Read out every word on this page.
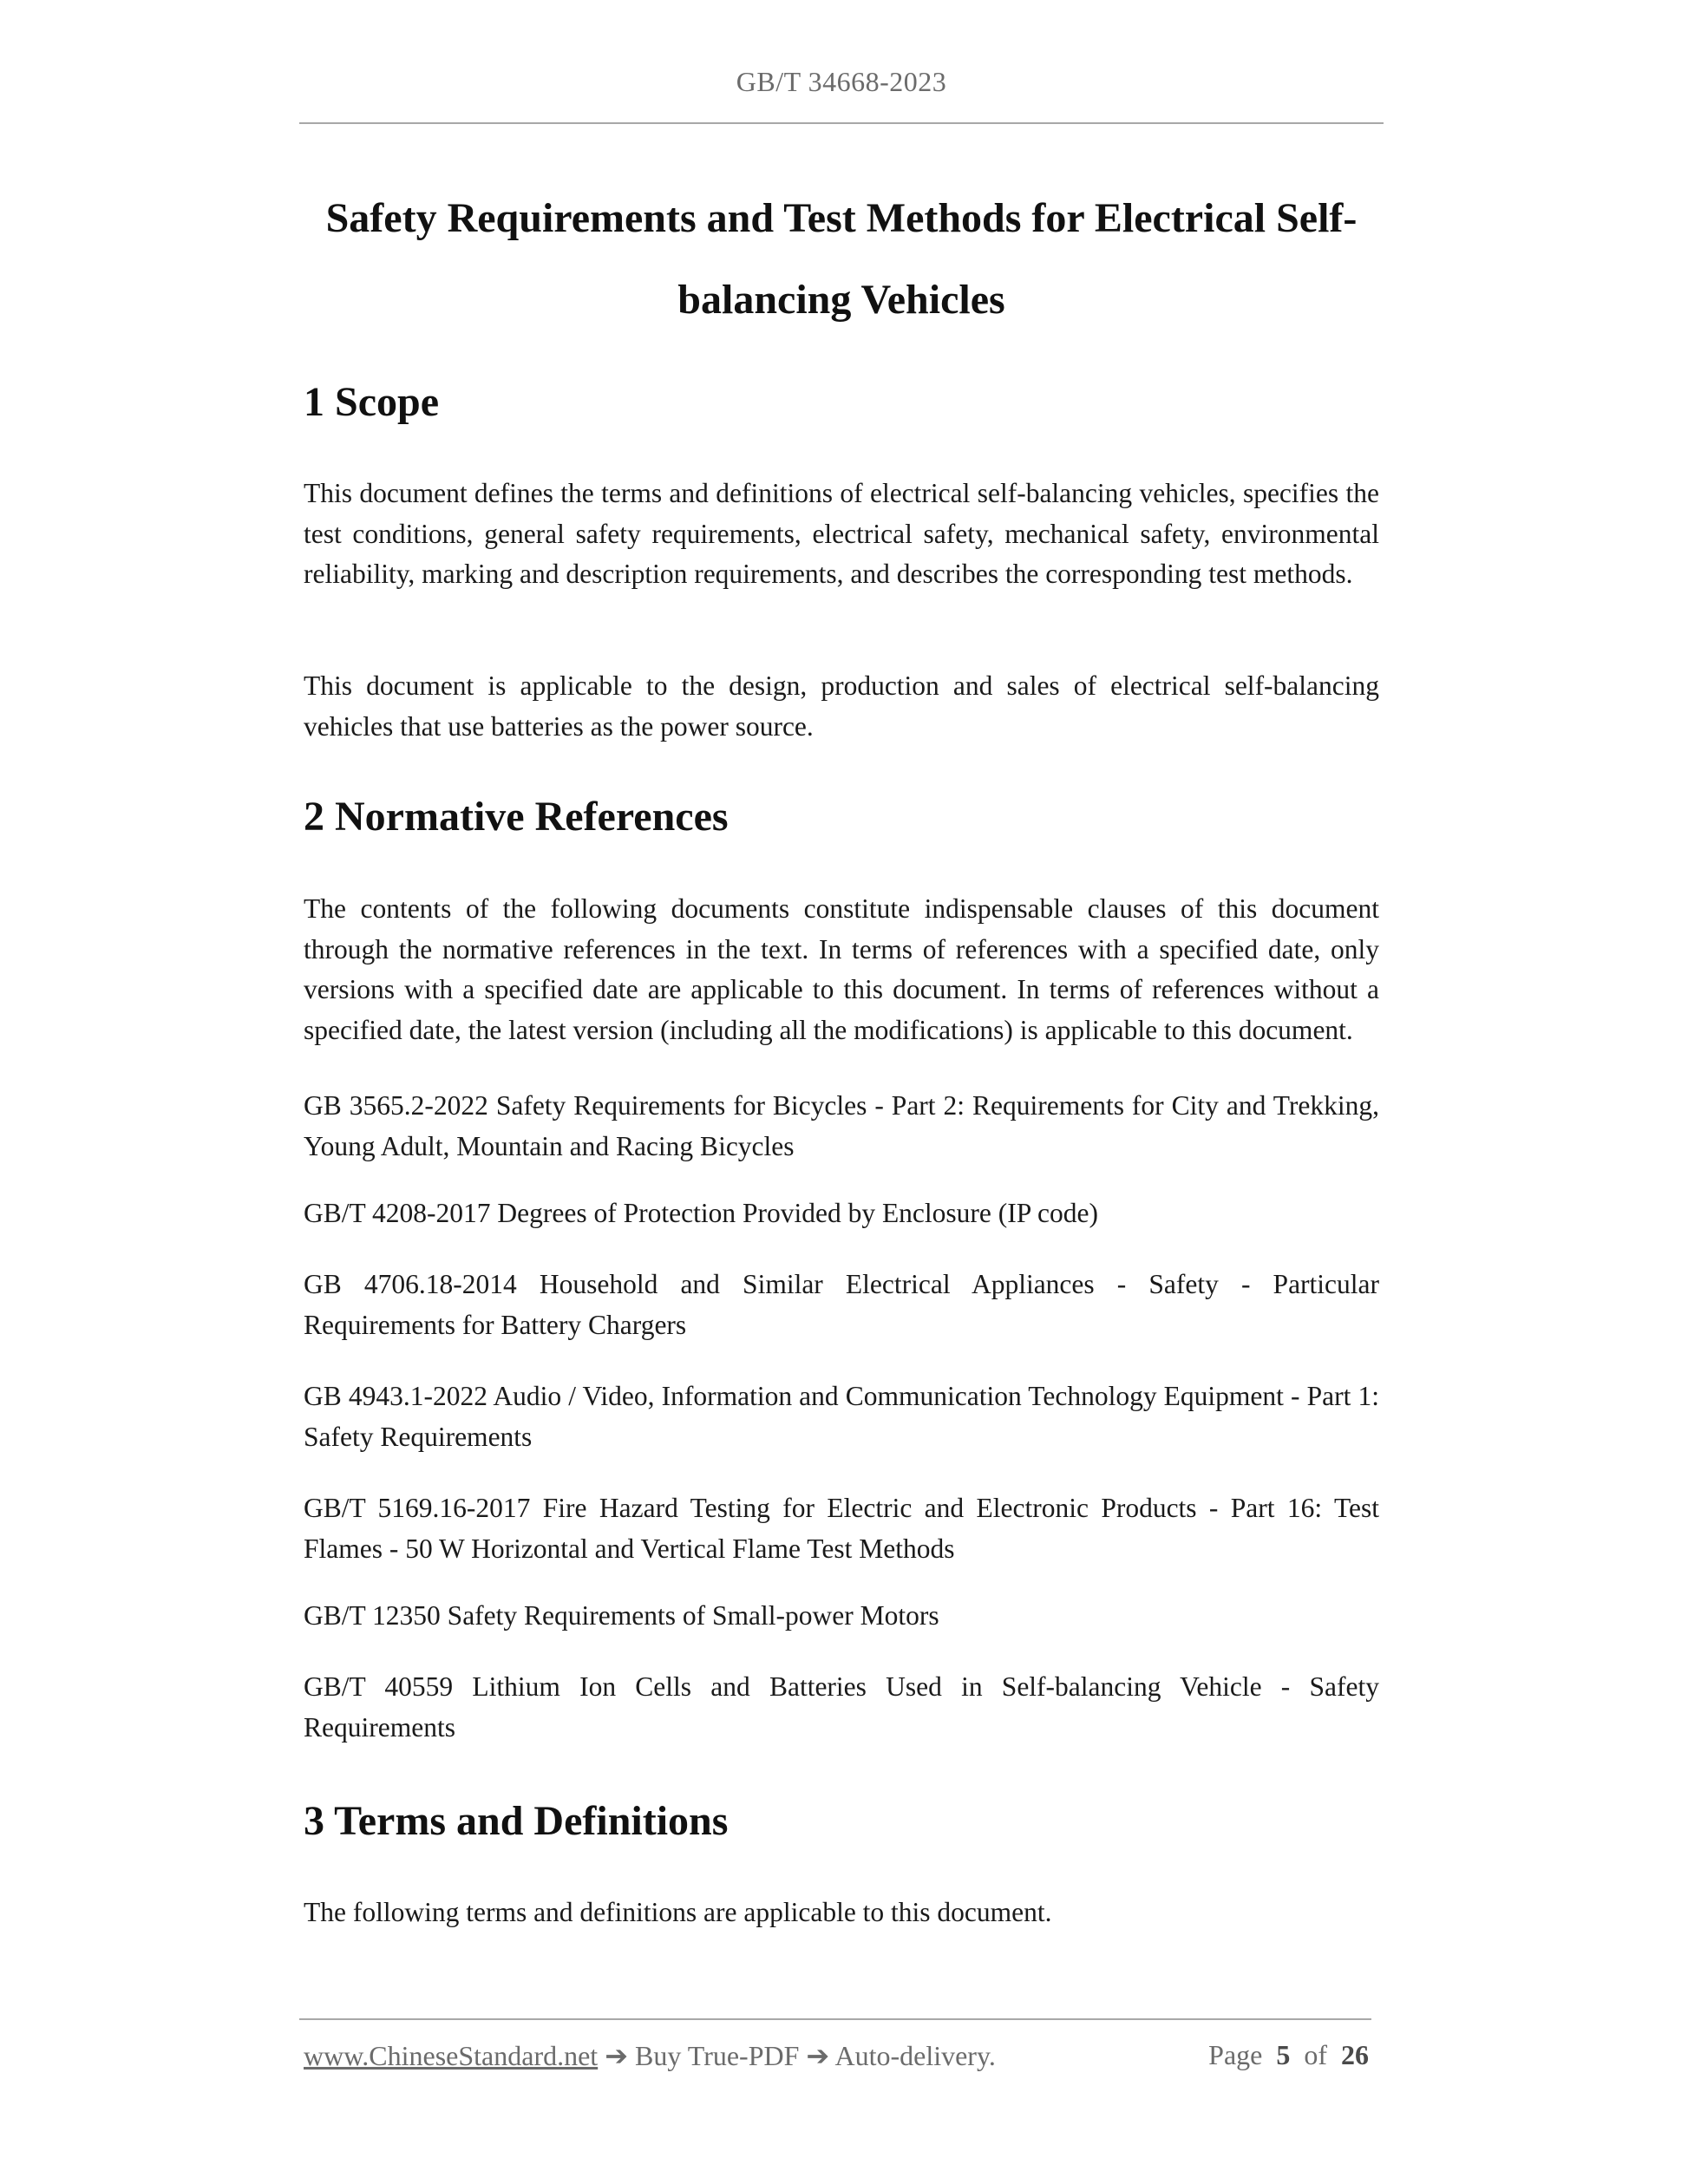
GB/T 34668-2023
Safety Requirements and Test Methods for Electrical Self-
balancing Vehicles
1 Scope

This document defines the terms and definitions of electrical self-balancing vehicles, specifies the test conditions, general safety requirements, electrical safety, mechanical safety, environmental reliability, marking and description requirements, and describes the corresponding test methods.

This document is applicable to the design, production and sales of electrical self-balancing vehicles that use batteries as the power source.

2 Normative References

The contents of the following documents constitute indispensable clauses of this document through the normative references in the text. In terms of references with a specified date, only versions with a specified date are applicable to this document. In terms of references without a specified date, the latest version (including all the modifications) is applicable to this document.

GB 3565.2-2022 Safety Requirements for Bicycles - Part 2: Requirements for City and Trekking, Young Adult, Mountain and Racing Bicycles

GB/T 4208-2017 Degrees of Protection Provided by Enclosure (IP code)

GB 4706.18-2014 Household and Similar Electrical Appliances - Safety - Particular Requirements for Battery Chargers

GB 4943.1-2022 Audio / Video, Information and Communication Technology Equipment - Part 1: Safety Requirements

GB/T 5169.16-2017 Fire Hazard Testing for Electric and Electronic Products - Part 16: Test Flames - 50 W Horizontal and Vertical Flame Test Methods

GB/T 12350 Safety Requirements of Small-power Motors

GB/T 40559 Lithium Ion Cells and Batteries Used in Self-balancing Vehicle - Safety Requirements

3 Terms and Definitions

The following terms and definitions are applicable to this document.

www.ChineseStandard.net ➔ Buy True-PDF ➔ Auto-delivery.	Page 5 of 26
